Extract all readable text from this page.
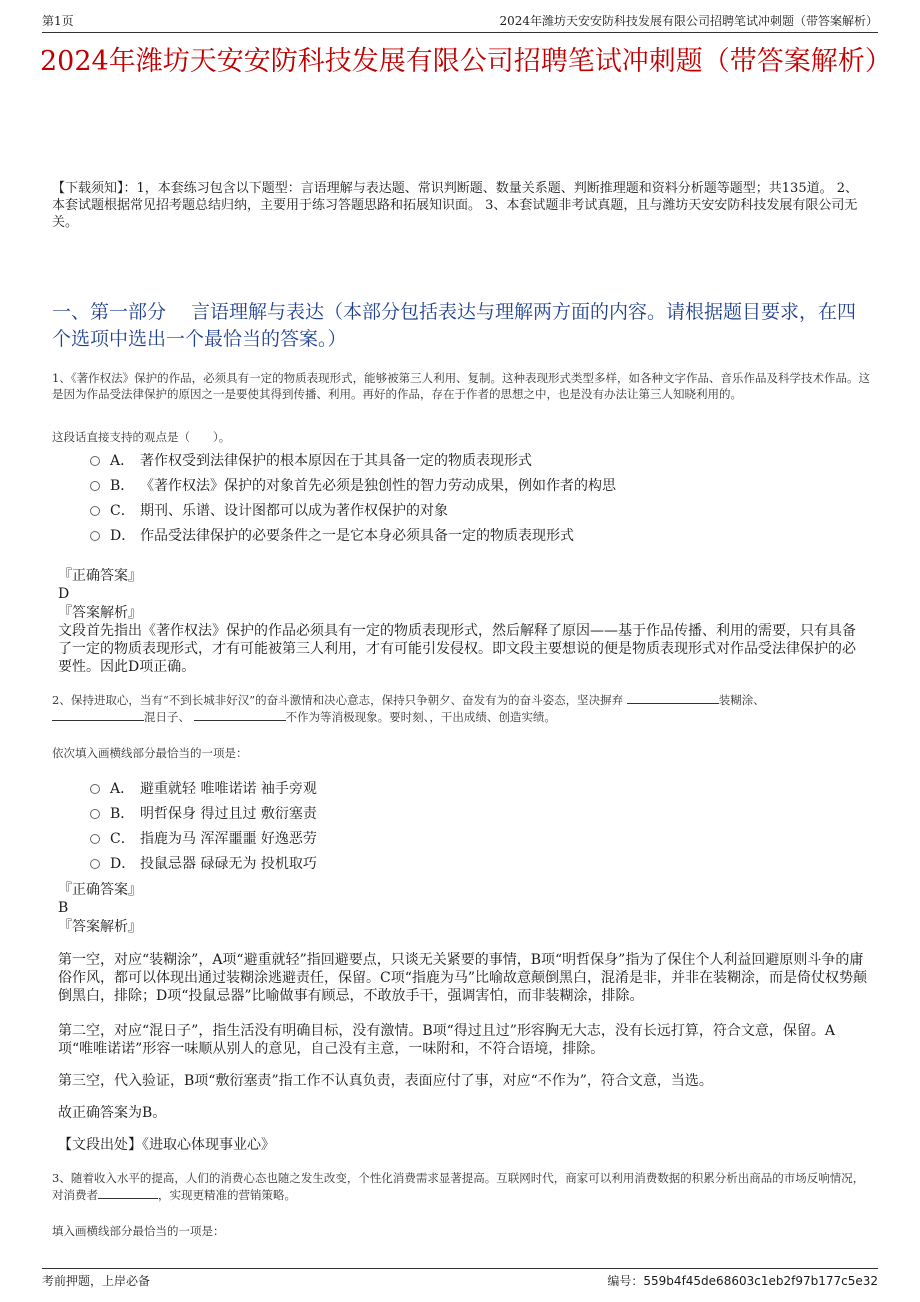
第1页	2024年潍坊天安安防科技发展有限公司招聘笔试冲刺题（带答案解析）
2024年潍坊天安安防科技发展有限公司招聘笔试冲刺题（带答案解析）

【下载须知】：1，本套练习包含以下题型：言语理解与表达题、常识判断题、数量关系题、判断推理题和资料分析题等题型；共135道。 2、本套试题根据常见招考题总结归纳，主要用于练习答题思路和拓展知识面。 3、本套试题非考试真题，且与潍坊天安安防科技发展有限公司无关。

一、第一部分　 言语理解与表达（本部分包括表达与理解两方面的内容。请根据题目要求，在四个选项中选出一个最恰当的答案。）

1、《著作权法》保护的作品，必须具有一定的物质表现形式，能够被第三人利用、复制。这种表现形式类型多样，如各种文字作品、音乐作品及科学技术作品。这是因为作品受法律保护的原因之一是要使其得到传播、利用。再好的作品，存在于作者的思想之中，也是没有办法让第三人知晓利用的。

这段话直接支持的观点是（　　）。
A． 著作权受到法律保护的根本原因在于其具备一定的物质表现形式
B． 《著作权法》保护的对象首先必须是独创性的智力劳动成果，例如作者的构思
C． 期刊、乐谱、设计图都可以成为著作权保护的对象
D． 作品受法律保护的必要条件之一是它本身必须具备一定的物质表现形式
『正确答案』
D
『答案解析』

文段首先指出《著作权法》保护的作品必须具有一定的物质表现形式，然后解释了原因——基于作品传播、利用的需要，只有具备了一定的物质表现形式，才有可能被第三人利用，才有可能引发侵权。即文段主要想说的便是物质表现形式对作品受法律保护的必要性。因此D项正确。

2、保持进取心，当有“不到长城非好汉”的奋斗激情和决心意志，保持只争朝夕、奋发有为的奋斗姿态，坚决摒弃	装糊涂、
混日子、	不作为等消极现象。要时刻、，干出成绩、创造实绩。

依次填入画横线部分最恰当的一项是：
A． 避重就轻 唯唯诺诺 袖手旁观
B． 明哲保身 得过且过 敷衍塞责
C． 指鹿为马 浑浑噩噩 好逸恶劳
D． 投鼠忌器 碌碌无为 投机取巧
『正确答案』
B
『答案解析』

第一空，对应“装糊涂”，A项“避重就轻”指回避要点，只谈无关紧要的事情，B项“明哲保身”指为了保住个人利益回避原则斗争的庸俗作风，都可以体现出通过装糊涂逃避责任，保留。C项“指鹿为马”比喻故意颠倒黑白，混淆是非，并非在装糊涂，而是倚仗权势颠倒黑白，排除；D项“投鼠忌器”比喻做事有顾忌，不敢放手干，强调害怕，而非装糊涂，排除。

第二空，对应“混日子”，指生活没有明确目标，没有激情。B项“得过且过”形容胸无大志，没有长远打算，符合文意，保留。A项“唯唯诺诺”形容一味顺从别人的意见，自己没有主意，一味附和，不符合语境，排除。

第三空，代入验证，B项“敷衍塞责”指工作不认真负责，表面应付了事，对应“不作为”，符合文意，当选。

故正确答案为B。

【文段出处】《进取心体现事业心》

3、随着收入水平的提高，人们的消费心态也随之发生改变，个性化消费需求显著提高。互联网时代，商家可以利用消费数据的积累分析出商品的市场反响情况，对消费者	，实现更精准的营销策略。

填入画横线部分最恰当的一项是：
考前押题，上岸必备	编号：559b4f45de68603c1eb2f97b177c5e32
